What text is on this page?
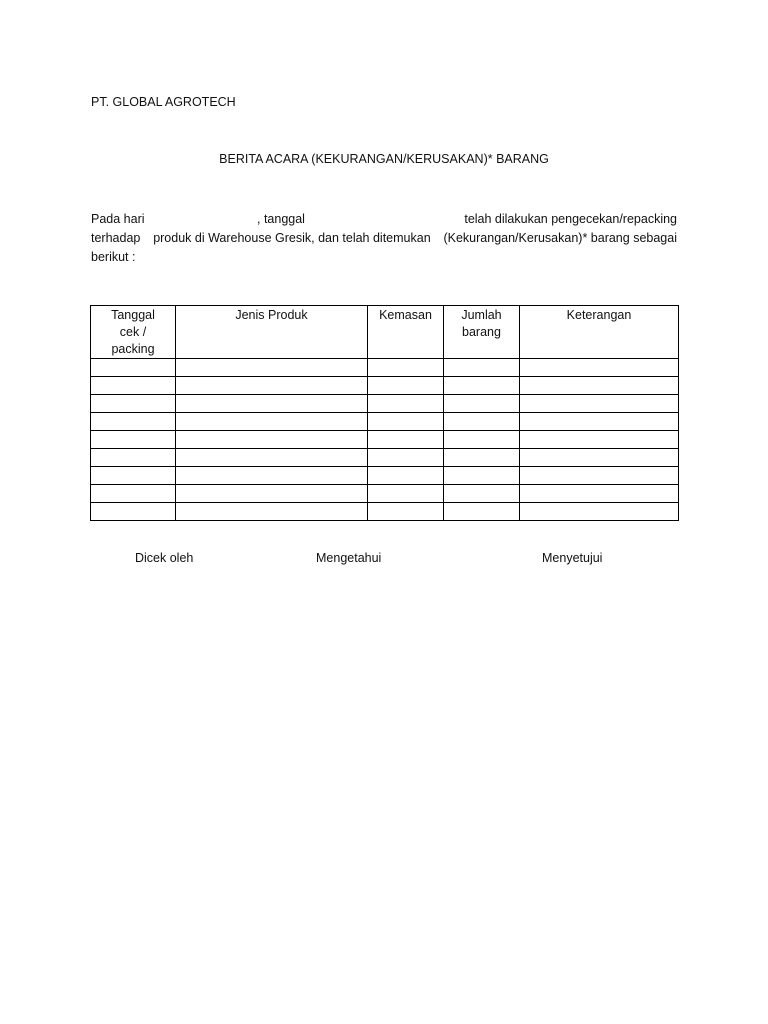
PT. GLOBAL AGROTECH
BERITA ACARA (KEKURANGAN/KERUSAKAN)* BARANG
Pada hari	, tanggal	telah dilakukan pengecekan/repacking
terhadap produk di Warehouse Gresik, dan telah ditemukan (Kekurangan/Kerusakan)* barang sebagai
berikut :
Tanggal cek / packing	Jenis Produk	Kemasan	Jumlah barang	Keterangan

Dicek oleh	Mengetahui	Menyetujui
